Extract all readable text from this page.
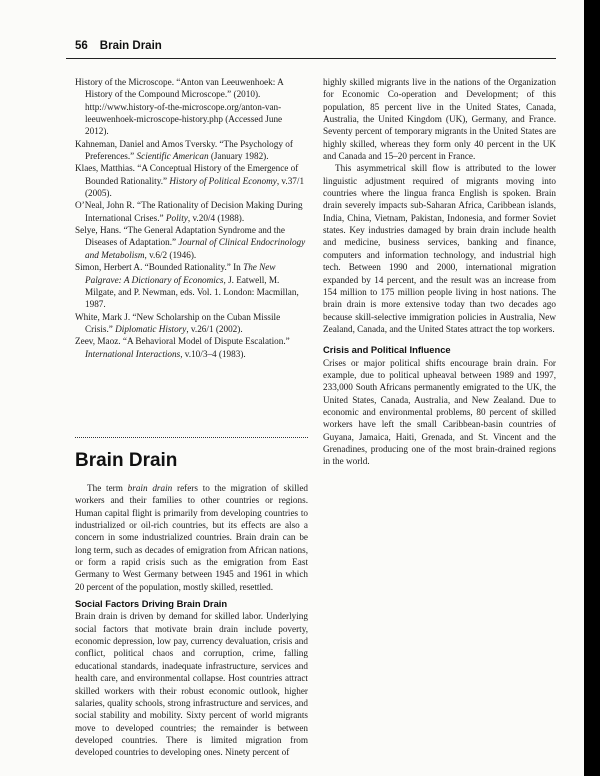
56 Brain Drain

History of the Microscope. “Anton van Leeuwenhoek: A History of the Compound Microscope.” (2010). http://www.history-of-the-microscope.org/anton-van-leeuwenhoek-microscope-history.php (Accessed June 2012).

Kahneman, Daniel and Amos Tversky. “The Psychology of Preferences.” Scientific American (January 1982).

Klaes, Matthias. “A Conceptual History of the Emergence of Bounded Rationality.” History of Political Economy, v.37/1 (2005).

O’Neal, John R. “The Rationality of Decision Making During International Crises.” Polity, v.20/4 (1988).

Selye, Hans. “The General Adaptation Syndrome and the Diseases of Adaptation.” Journal of Clinical Endocrinology and Metabolism, v.6/2 (1946).

Simon, Herbert A. “Bounded Rationality.” In The New Palgrave: A Dictionary of Economics, J. Eatwell, M. Milgate, and P. Newman, eds. Vol. 1. London: Macmillan, 1987.

White, Mark J. “New Scholarship on the Cuban Missile Crisis.” Diplomatic History, v.26/1 (2002).

Zeev, Maoz. “A Behavioral Model of Dispute Escalation.” International Interactions, v.10/3–4 (1983).

Brain Drain

The term brain drain refers to the migration of skilled workers and their families to other countries or regions. Human capital flight is primarily from developing countries to industrialized or oil-rich countries, but its effects are also a concern in some industrialized countries. Brain drain can be long term, such as decades of emigration from African nations, or form a rapid crisis such as the emigration from East Germany to West Germany between 1945 and 1961 in which 20 percent of the population, mostly skilled, resettled.

Social Factors Driving Brain Drain

Brain drain is driven by demand for skilled labor. Underlying social factors that motivate brain drain include poverty, economic depression, low pay, currency devaluation, crisis and conflict, political chaos and corruption, crime, falling educational standards, inadequate infrastructure, services and health care, and environmental collapse. Host countries attract skilled workers with their robust economic outlook, higher salaries, quality schools, strong infrastructure and services, and social stability and mobility. Sixty percent of world migrants move to developed countries; the remainder is between developed countries. There is limited migration from developed countries to developing ones. Ninety percent of

highly skilled migrants live in the nations of the Organization for Economic Co-operation and Development; of this population, 85 percent live in the United States, Canada, Australia, the United Kingdom (UK), Germany, and France. Seventy percent of temporary migrants in the United States are highly skilled, whereas they form only 40 percent in the UK and Canada and 15–20 percent in France.

This asymmetrical skill flow is attributed to the lower linguistic adjustment required of migrants moving into countries where the lingua franca English is spoken. Brain drain severely impacts sub-Saharan Africa, Caribbean islands, India, China, Vietnam, Pakistan, Indonesia, and former Soviet states. Key industries damaged by brain drain include health and medicine, business services, banking and finance, computers and information technology, and industrial high tech. Between 1990 and 2000, international migration expanded by 14 percent, and the result was an increase from 154 million to 175 million people living in host nations. The brain drain is more extensive today than two decades ago because skill-selective immigration policies in Australia, New Zealand, Canada, and the United States attract the top workers.

Crisis and Political Influence

Crises or major political shifts encourage brain drain. For example, due to political upheaval between 1989 and 1997, 233,000 South Africans permanently emigrated to the UK, the United States, Canada, Australia, and New Zealand. Due to economic and environmental problems, 80 percent of skilled workers have left the small Caribbean-basin countries of Guyana, Jamaica, Haiti, Grenada, and St. Vincent and the Grenadines, producing one of the most brain-drained regions in the world.
